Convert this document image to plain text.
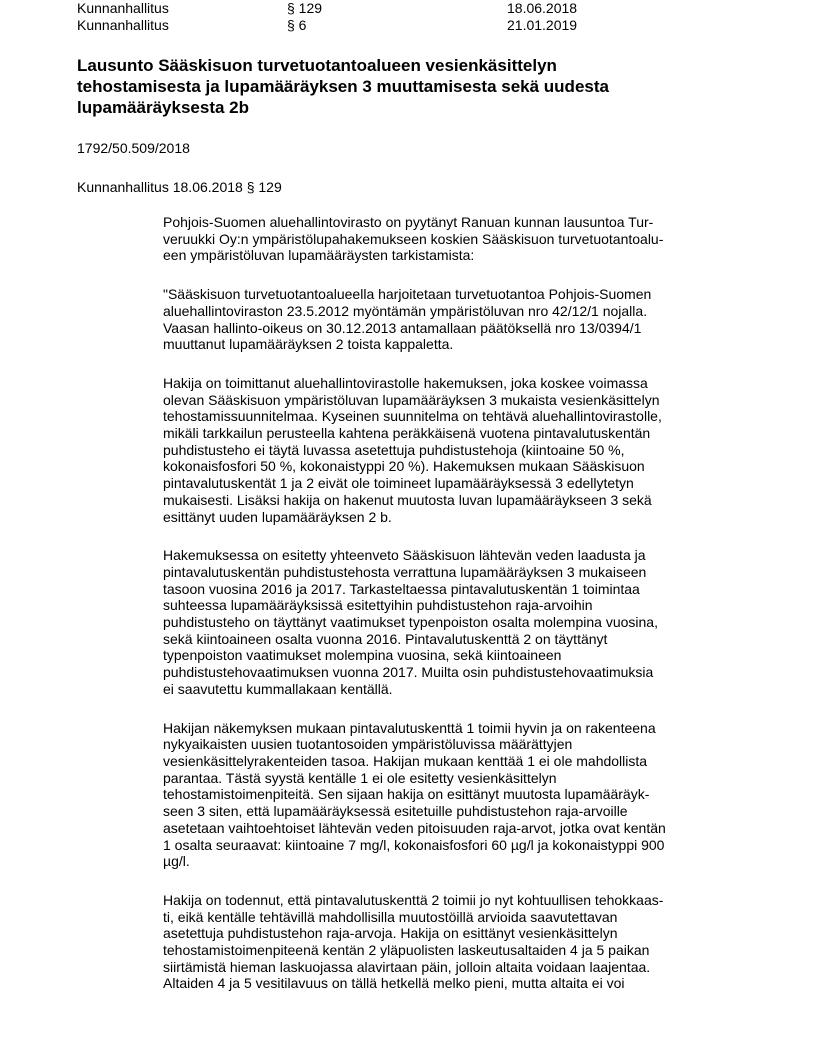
Kunnanhallitus	§ 129	18.06.2018
Kunnanhallitus	§ 6	21.01.2019
Lausunto Sääskisuon turvetuotantoalueen vesienkäsittelyn
tehostamisesta ja lupamääräyksen 3 muuttamisesta sekä uudesta
lupamääräyksesta 2b
1792/50.509/2018
Kunnanhallitus 18.06.2018 § 129

Pohjois-Suomen aluehallintovirasto on pyytänyt Ranuan kunnan lausuntoa Tur-
veruukki Oy:n ympäristölupahakemukseen koskien Sääskisuon turvetuotantoalu-
een ympäristöluvan lupamääräysten tarkistamista:

"Sääskisuon turvetuotantoalueella harjoitetaan turvetuotantoa Pohjois-Suomen
aluehallintoviraston 23.5.2012 myöntämän ympäristöluvan nro 42/12/1 nojalla.
Vaasan hallinto-oikeus on 30.12.2013 antamallaan päätöksellä nro 13/0394/1
muuttanut lupamääräyksen 2 toista kappaletta.

Hakija on toimittanut aluehallintovirastolle hakemuksen, joka koskee voimassa
olevan Sääskisuon ympäristöluvan lupamääräyksen 3 mukaista vesienkäsittelyn
tehostamissuunnitelmaa. Kyseinen suunnitelma on tehtävä aluehallintovirastolle,
mikäli tarkkailun perusteella kahtena peräkkäisenä vuotena pintavalutuskentän
puhdistusteho ei täytä luvassa asetettuja puhdistustehoja (kiintoaine 50 %,
kokonaisfosfori 50 %, kokonaistyppi 20 %). Hakemuksen mukaan Sääskisuon
pintavalutuskentät 1 ja 2 eivät ole toimineet lupamääräyksessä 3 edellytetyn
mukaisesti. Lisäksi hakija on hakenut muutosta luvan lupamääräykseen 3 sekä
esittänyt uuden lupamääräyksen 2 b.

Hakemuksessa on esitetty yhteenveto Sääskisuon lähtevän veden laadusta ja
pintavalutuskentän puhdistustehosta verrattuna lupamääräyksen 3 mukaiseen
tasoon vuosina 2016 ja 2017. Tarkasteltaessa pintavalutuskentän 1 toimintaa
suhteessa lupamääräyksissä esitettyihin puhdistustehon raja-arvoihin
puhdistusteho on täyttänyt vaatimukset typenpoiston osalta molempina vuosina,
sekä kiintoaineen osalta vuonna 2016. Pintavalutuskenttä 2 on täyttänyt
typenpoiston vaatimukset molempina vuosina, sekä kiintoaineen
puhdistustehovaatimuksen vuonna 2017. Muilta osin puhdistustehovaatimuksia
ei saavutettu kummallakaan kentällä.

Hakijan näkemyksen mukaan pintavalutuskenttä 1 toimii hyvin ja on rakenteena
nykyaikaisten uusien tuotantosoiden ympäristöluvissa määrättyjen
vesienkäsittelyrakenteiden tasoa. Hakijan mukaan kenttää 1 ei ole mahdollista
parantaa. Tästä syystä kentälle 1 ei ole esitetty vesienkäsittelyn
tehostamistoimenpiteitä. Sen sijaan hakija on esittänyt muutosta lupamääräyk-
seen 3 siten, että lupamääräyksessä esitetuille puhdistustehon raja-arvoille
asetetaan vaihtoehtoiset lähtevän veden pitoisuuden raja-arvot, jotka ovat kentän
1 osalta seuraavat: kiintoaine 7 mg/l, kokonaisfosfori 60 µg/l ja kokonaistyppi 900
µg/l.

Hakija on todennut, että pintavalutuskenttä 2 toimii jo nyt kohtuullisen tehokkaas-
ti, eikä kentälle tehtävillä mahdollisilla muutostöillä arvioida saavutettavan
asetettuja puhdistustehon raja-arvoja. Hakija on esittänyt vesienkäsittelyn
tehostamistoimenpiteenä kentän 2 yläpuolisten laskeutusaltaiden 4 ja 5 paikan
siirtämistä hieman laskuojassa alavirtaan päin, jolloin altaita voidaan laajentaa.
Altaiden 4 ja 5 vesitilavuus on tällä hetkellä melko pieni, mutta altaita ei voi
